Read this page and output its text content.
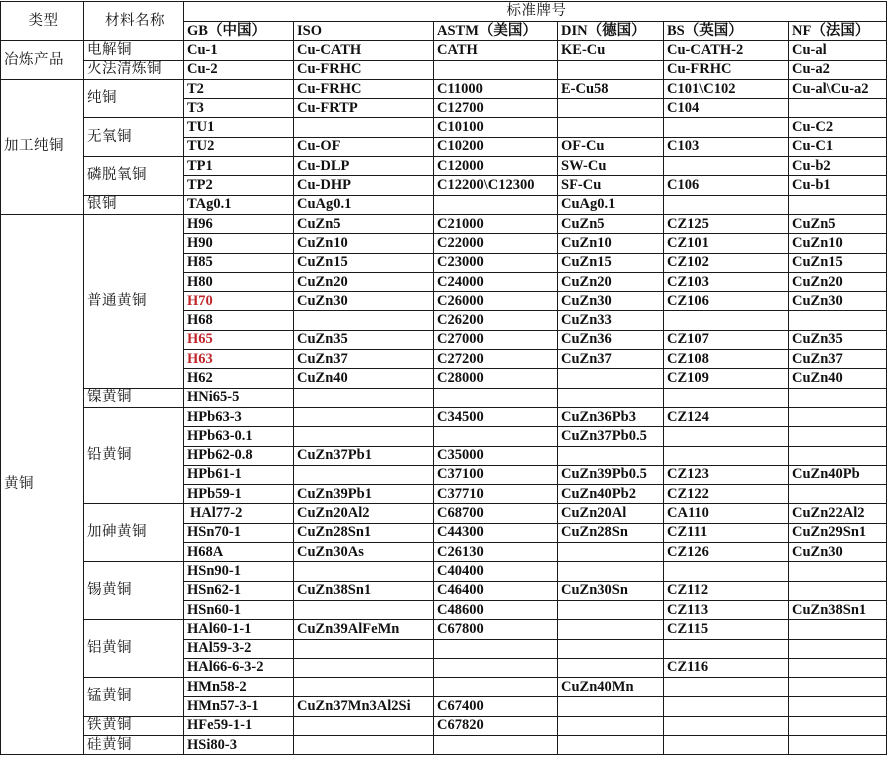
类型	材料名称	标准牌号					
		GB（中国）	ISO	ASTM（美国）	DIN（德国）	BS（英国）	NF（法国）
冶炼产品	电解铜	Cu-1	Cu-CATH	CATH	KE-Cu	Cu-CATH-2	Cu-al
	火法清炼铜	Cu-2	Cu-FRHC			Cu-FRHC	Cu-a2
加工纯铜	纯铜	T2	Cu-FRHC	C11000	E-Cu58	C101\C102	Cu-al\Cu-a2
		T3	Cu-FRTP	C12700		C104	
	无氧铜	TU1		C10100			Cu-C2
		TU2	Cu-OF	C10200	OF-Cu	C103	Cu-C1
	磷脱氧铜	TP1	Cu-DLP	C12000	SW-Cu		Cu-b2
		TP2	Cu-DHP	C12200\C12300	SF-Cu	C106	Cu-b1
	银铜	TAg0.1	CuAg0.1		CuAg0.1		
黄铜	普通黄铜	H96	CuZn5	C21000	CuZn5	CZ125	CuZn5
		H90	CuZn10	C22000	CuZn10	CZ101	CuZn10
		H85	CuZn15	C23000	CuZn15	CZ102	CuZn15
		H80	CuZn20	C24000	CuZn20	CZ103	CuZn20
		H70	CuZn30	C26000	CuZn30	CZ106	CuZn30
		H68		C26200	CuZn33		
		H65	CuZn35	C27000	CuZn36	CZ107	CuZn35
		H63	CuZn37	C27200	CuZn37	CZ108	CuZn37
		H62	CuZn40	C28000		CZ109	CuZn40
	镍黄铜	HNi65-5					
	铅黄铜	HPb63-3		C34500	CuZn36Pb3	CZ124	
		HPb63-0.1			CuZn37Pb0.5		
		HPb62-0.8	CuZn37Pb1	C35000			
		HPb61-1		C37100	CuZn39Pb0.5	CZ123	CuZn40Pb
		HPb59-1	CuZn39Pb1	C37710	CuZn40Pb2	CZ122	
	加砷黄铜	HAl77-2	CuZn20Al2	C68700	CuZn20Al	CA110	CuZn22Al2
		HSn70-1	CuZn28Sn1	C44300	CuZn28Sn	CZ111	CuZn29Sn1
		H68A	CuZn30As	C26130		CZ126	CuZn30
	锡黄铜	HSn90-1		C40400			
		HSn62-1	CuZn38Sn1	C46400	CuZn30Sn	CZ112	
		HSn60-1		C48600		CZ113	CuZn38Sn1
	铝黄铜	HAl60-1-1	CuZn39AlFeMn	C67800		CZ115	
		HAl59-3-2					
		HAl66-6-3-2				CZ116	
	锰黄铜	HMn58-2			CuZn40Mn		
		HMn57-3-1	CuZn37Mn3Al2Si	C67400			
	铁黄铜	HFe59-1-1		C67820			
	硅黄铜	HSi80-3					
